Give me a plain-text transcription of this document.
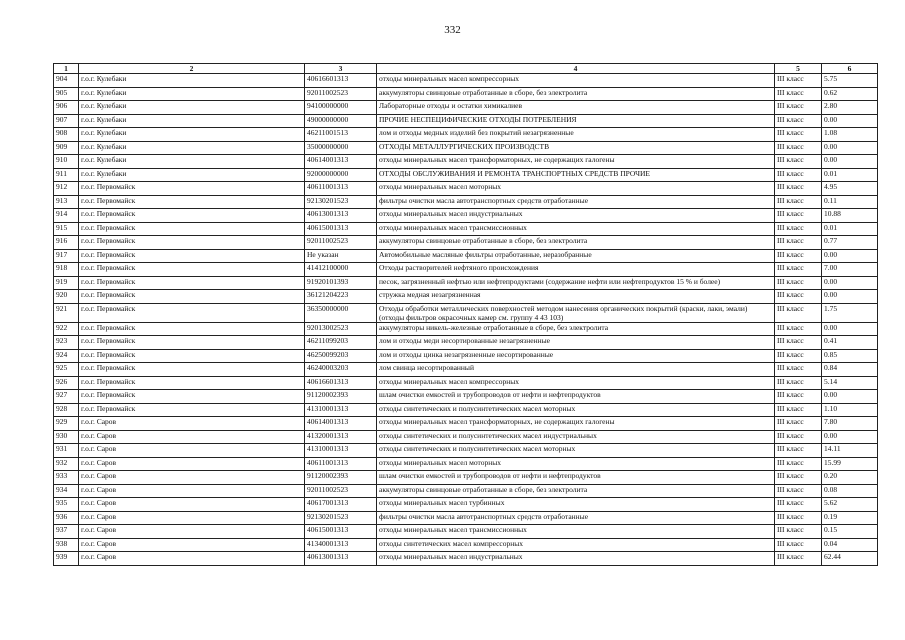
332
1	2	3	4	5	6
904	г.о.г. Кулебаки	40616601313	отходы минеральных масел компрессорных	III класс	5.75
905	г.о.г. Кулебаки	92011002523	аккумуляторы свинцовые отработанные в сборе, без электролита	III класс	0.62
906	г.о.г. Кулебаки	94100000000	Лабораторные отходы и остатки химикалиев	III класс	2.80
907	г.о.г. Кулебаки	49000000000	ПРОЧИЕ НЕСПЕЦИФИЧЕСКИЕ ОТХОДЫ ПОТРЕБЛЕНИЯ	III класс	0.00
908	г.о.г. Кулебаки	46211001513	лом и отходы медных изделий без покрытий незагрязненные	III класс	1.08
909	г.о.г. Кулебаки	35000000000	ОТХОДЫ МЕТАЛЛУРГИЧЕСКИХ ПРОИЗВОДСТВ	III класс	0.00
910	г.о.г. Кулебаки	40614001313	отходы минеральных масел трансформаторных, не содержащих галогены	III класс	0.00
911	г.о.г. Кулебаки	92000000000	ОТХОДЫ ОБСЛУЖИВАНИЯ И РЕМОНТА ТРАНСПОРТНЫХ СРЕДСТВ ПРОЧИЕ	III класс	0.01
912	г.о.г. Первомайск	40611001313	отходы минеральных масел моторных	III класс	4.95
913	г.о.г. Первомайск	92130201523	фильтры очистки масла автотранспортных средств отработанные	III класс	0.11
914	г.о.г. Первомайск	40613001313	отходы минеральных масел индустриальных	III класс	10.88
915	г.о.г. Первомайск	40615001313	отходы минеральных масел трансмиссионных	III класс	0.01
916	г.о.г. Первомайск	92011002523	аккумуляторы свинцовые отработанные в сборе, без электролита	III класс	0.77
917	г.о.г. Первомайск	Не указан	Автомобильные масляные фильтры отработанные, неразобранные	III класс	0.00
918	г.о.г. Первомайск	41412100000	Отходы растворителей нефтяного происхождения	III класс	7.00
919	г.о.г. Первомайск	91920101393	песок, загрязненный нефтью или нефтепродуктами (содержание нефти или нефтепродуктов 15 % и более)	III класс	0.00
920	г.о.г. Первомайск	36121204223	стружка медная незагрязненная	III класс	0.00
921	г.о.г. Первомайск	36350000000	Отходы обработки металлических поверхностей методом нанесения органических покрытий (краски, лаки, эмали)(отходы фильтров окрасочных камер см. группу 4 43 103)	III класс	1.75
922	г.о.г. Первомайск	92013002523	аккумуляторы никель-железные отработанные в сборе, без электролита	III класс	0.00
923	г.о.г. Первомайск	46211099203	лом и отходы меди несортированные незагрязненные	III класс	0.41
924	г.о.г. Первомайск	46250099203	лом и отходы цинка незагрязненные несортированные	III класс	0.85
925	г.о.г. Первомайск	46240003203	лом свинца несортированный	III класс	0.84
926	г.о.г. Первомайск	40616601313	отходы минеральных масел компрессорных	III класс	5.14
927	г.о.г. Первомайск	91120002393	шлам очистки емкостей и трубопроводов от нефти и нефтепродуктов	III класс	0.00
928	г.о.г. Первомайск	41310001313	отходы синтетических и полусинтетических масел моторных	III класс	1.10
929	г.о.г. Саров	40614001313	отходы минеральных масел трансформаторных, не содержащих галогены	III класс	7.80
930	г.о.г. Саров	41320001313	отходы синтетических и полусинтетических масел индустриальных	III класс	0.00
931	г.о.г. Саров	41310001313	отходы синтетических и полусинтетических масел моторных	III класс	14.11
932	г.о.г. Саров	40611001313	отходы минеральных масел моторных	III класс	15.99
933	г.о.г. Саров	91120002393	шлам очистки емкостей и трубопроводов от нефти и нефтепродуктов	III класс	0.20
934	г.о.г. Саров	92011002523	аккумуляторы свинцовые отработанные в сборе, без электролита	III класс	0.08
935	г.о.г. Саров	40617001313	отходы минеральных масел турбинных	III класс	5.62
936	г.о.г. Саров	92130201523	фильтры очистки масла автотранспортных средств отработанные	III класс	0.19
937	г.о.г. Саров	40615001313	отходы минеральных масел трансмиссионных	III класс	0.15
938	г.о.г. Саров	41340001313	отходы синтетических масел компрессорных	III класс	0.04
939	г.о.г. Саров	40613001313	отходы минеральных масел индустриальных	III класс	62.44
